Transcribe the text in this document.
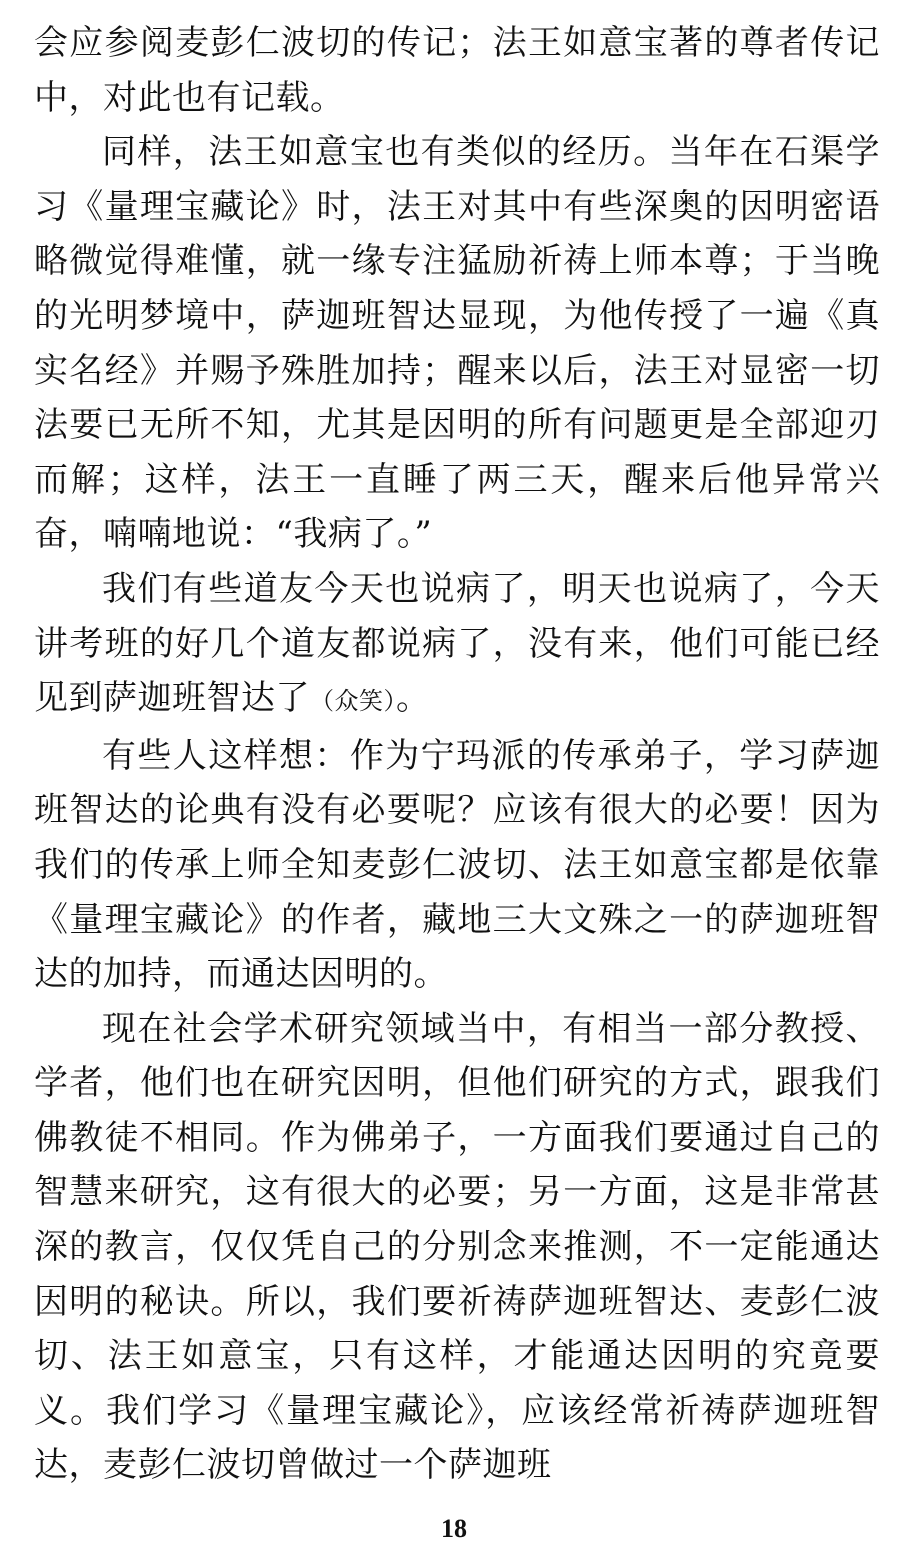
会应参阅麦彭仁波切的传记；法王如意宝著的尊者传记中，对此也有记载。

同样，法王如意宝也有类似的经历。当年在石渠学习《量理宝藏论》时，法王对其中有些深奥的因明密语略微觉得难懂，就一缘专注猛励祈祷上师本尊；于当晚的光明梦境中，萨迦班智达显现，为他传授了一遍《真实名经》并赐予殊胜加持；醒来以后，法王对显密一切法要已无所不知，尤其是因明的所有问题更是全部迎刃而解；这样，法王一直睡了两三天，醒来后他异常兴奋，喃喃地说：“我病了。”

我们有些道友今天也说病了，明天也说病了，今天讲考班的好几个道友都说病了，没有来，他们可能已经见到萨迦班智达了（众笑）。

有些人这样想：作为宁玛派的传承弟子，学习萨迦班智达的论典有没有必要呢？应该有很大的必要！因为我们的传承上师全知麦彭仁波切、法王如意宝都是依靠《量理宝藏论》的作者，藏地三大文殊之一的萨迦班智达的加持，而通达因明的。

现在社会学术研究领域当中，有相当一部分教授、学者，他们也在研究因明，但他们研究的方式，跟我们佛教徒不相同。作为佛弟子，一方面我们要通过自己的智慧来研究，这有很大的必要；另一方面，这是非常甚深的教言，仅仅凭自己的分别念来推测，不一定能通达因明的秘诀。所以，我们要祈祷萨迦班智达、麦彭仁波切、法王如意宝，只有这样，才能通达因明的究竟要义。我们学习《量理宝藏论》，应该经常祈祷萨迦班智达，麦彭仁波切曾做过一个萨迦班

18
